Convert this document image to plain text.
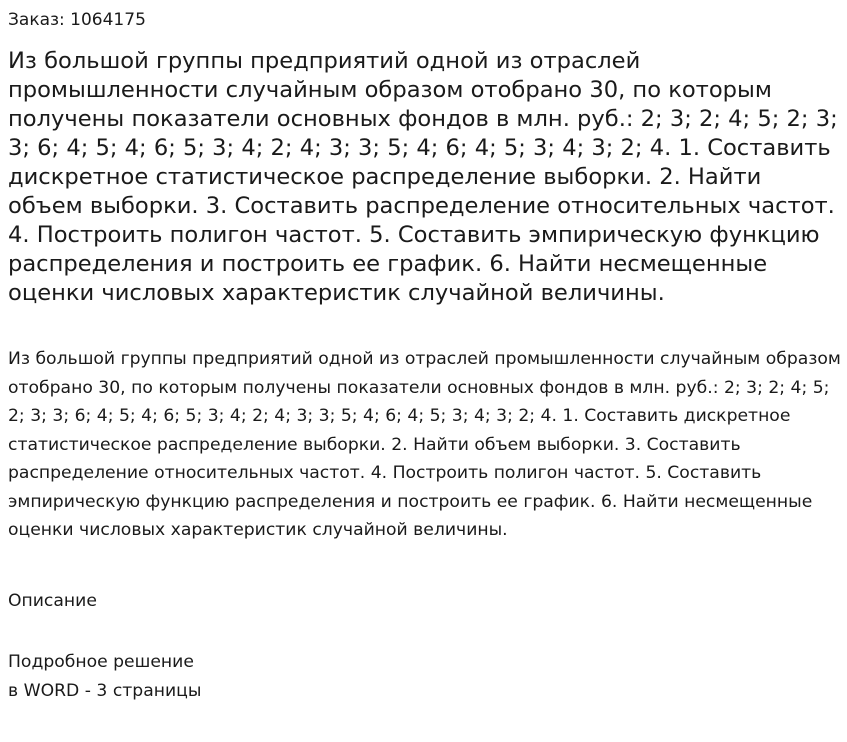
Заказ: 1064175
Из большой группы предприятий одной из отраслей промышленности случайным образом отобрано 30, по которым получены показатели основных фондов в млн. руб.: 2; 3; 2; 4; 5; 2; 3; 3; 6; 4; 5; 4; 6; 5; 3; 4; 2; 4; 3; 3; 5; 4; 6; 4; 5; 3; 4; 3; 2; 4. 1. Составить дискретное статистическое распределение выборки. 2. Найти объем выборки. 3. Составить распределение относительных частот. 4. Построить полигон частот. 5. Составить эмпирическую функцию распределения и построить ее график. 6. Найти несмещенные оценки числовых характеристик случайной величины.

Из большой группы предприятий одной из отраслей промышленности случайным образом отобрано 30, по которым получены показатели основных фондов в млн. руб.: 2; 3; 2; 4; 5; 2; 3; 3; 6; 4; 5; 4; 6; 5; 3; 4; 2; 4; 3; 3; 5; 4; 6; 4; 5; 3; 4; 3; 2; 4. 1. Составить дискретное статистическое распределение выборки. 2. Найти объем выборки. 3. Составить распределение относительных частот. 4. Построить полигон частот. 5. Составить эмпирическую функцию распределения и построить ее график. 6. Найти несмещенные оценки числовых характеристик случайной величины.

Описание
Подробное решение
в WORD - 3 страницы
